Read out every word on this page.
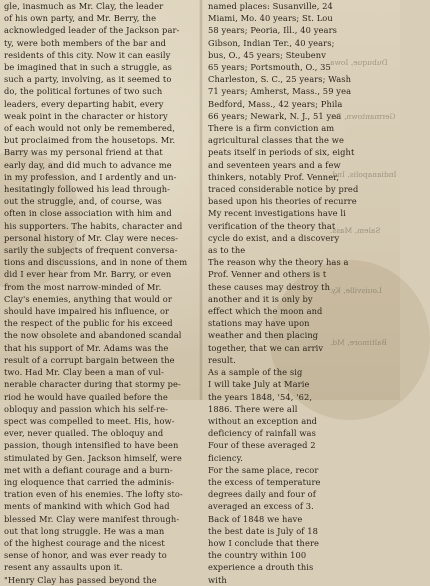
gle, inasmuch as Mr. Clay, the leader
of his own party, and Mr. Berry, the
acknowledged leader of the Jackson par-
ty, were both members of the bar and
residents of this city. Now it can easily
be imagined that in such a struggle, as
such a party, involving, as it seemed to
do, the political fortunes of two such
leaders, every departing habit, every
weak point in the character or history
of each would not only be remembered,
but proclaimed from the housetops. Mr.
Barry was my personal friend at that
early day, and did much to advance me
in my profession, and I ardently and un-
hesitatingly followed his lead through-
out the struggle, and, of course, was
often in close association with him and
his supporters. The habits, character and
personal history of Mr. Clay were neces-
sarily the subjects of frequent conversa-
tions and discussions, and in none of them
did I ever hear from Mr. Barry, or even
from the most narrow-minded of Mr.
Clay's enemies, anything that would or
should have impaired his influence, or
the respect of the public for his exceed
the now obsolete and abandoned scandal
that his support of Mr. Adams was the
result of a corrupt bargain between the
two. Had Mr. Clay been a man of vul-
nerable character during that stormy pe-
riod he would have quailed before the
obloquy and passion which his self-re-
spect was compelled to meet. His, how-
ever, never quailed. The obloquy and
passion, though intensified to have been
stimulated by Gen. Jackson himself, were
met with a defiant courage and a burn-
ing eloquence that carried the adminis-
tration even of his enemies. The lofty sto-
ments of mankind with which God had
blessed Mr. Clay were manifest through-
out that long struggle. He was a man
of the highest courage and the nicest
sense of honor, and was ever ready to
resent any assaults upon it.
"Henry Clay has passed beyond the
named places: Susanville, 24
Miami, Mo. 40 years; St. Lou
58 years; Peoria, Ill., 40 years
Gibson, Indian Ter., 40 years;
bus, O., 45 years; Steubenv
65 years; Portsmouth, O., 35
Charleston, S. C., 25 years; Wash
71 years; Amherst, Mass., 59 yea
Bedford, Mass., 42 years; Phila
66 years; Newark, N. J., 51 yea
There is a firm conviction am
agricultural classes that the we
peats itself in periods of six, eight
and seventeen years and a few
thinkers, notably Prof. Venner,
traced considerable notice by pred
based upon his theories of recurre
My recent investigations have li
verification of the theory that
cycle do exist, and a discovery
as to the
The reason why the theory has a
Prof. Venner and others is t
these causes may destroy th
another and it is only by
effect which the moon and
stations may have upon
weather and then placing
together, that we can arriv
result.
As a sample of the sig
I will take July at Marie
the years 1848, '54, '62,
1886. There were all
without an exception and
deficiency of rainfall was
Four of these averaged 2
ficiency.
For the same place, recor
the excess of temperature
degrees daily and four of
averaged an excess of 3.
Back of 1848 we have
the best date is July of 18
how I conclude that there
the country within 100
experience a drouth this
with
Dubuque, Iowa
Germantown, Pa.
Indianapolis, Ind.
Salem, Mass.
Louisville, Ky.
Baltimore, Md.
